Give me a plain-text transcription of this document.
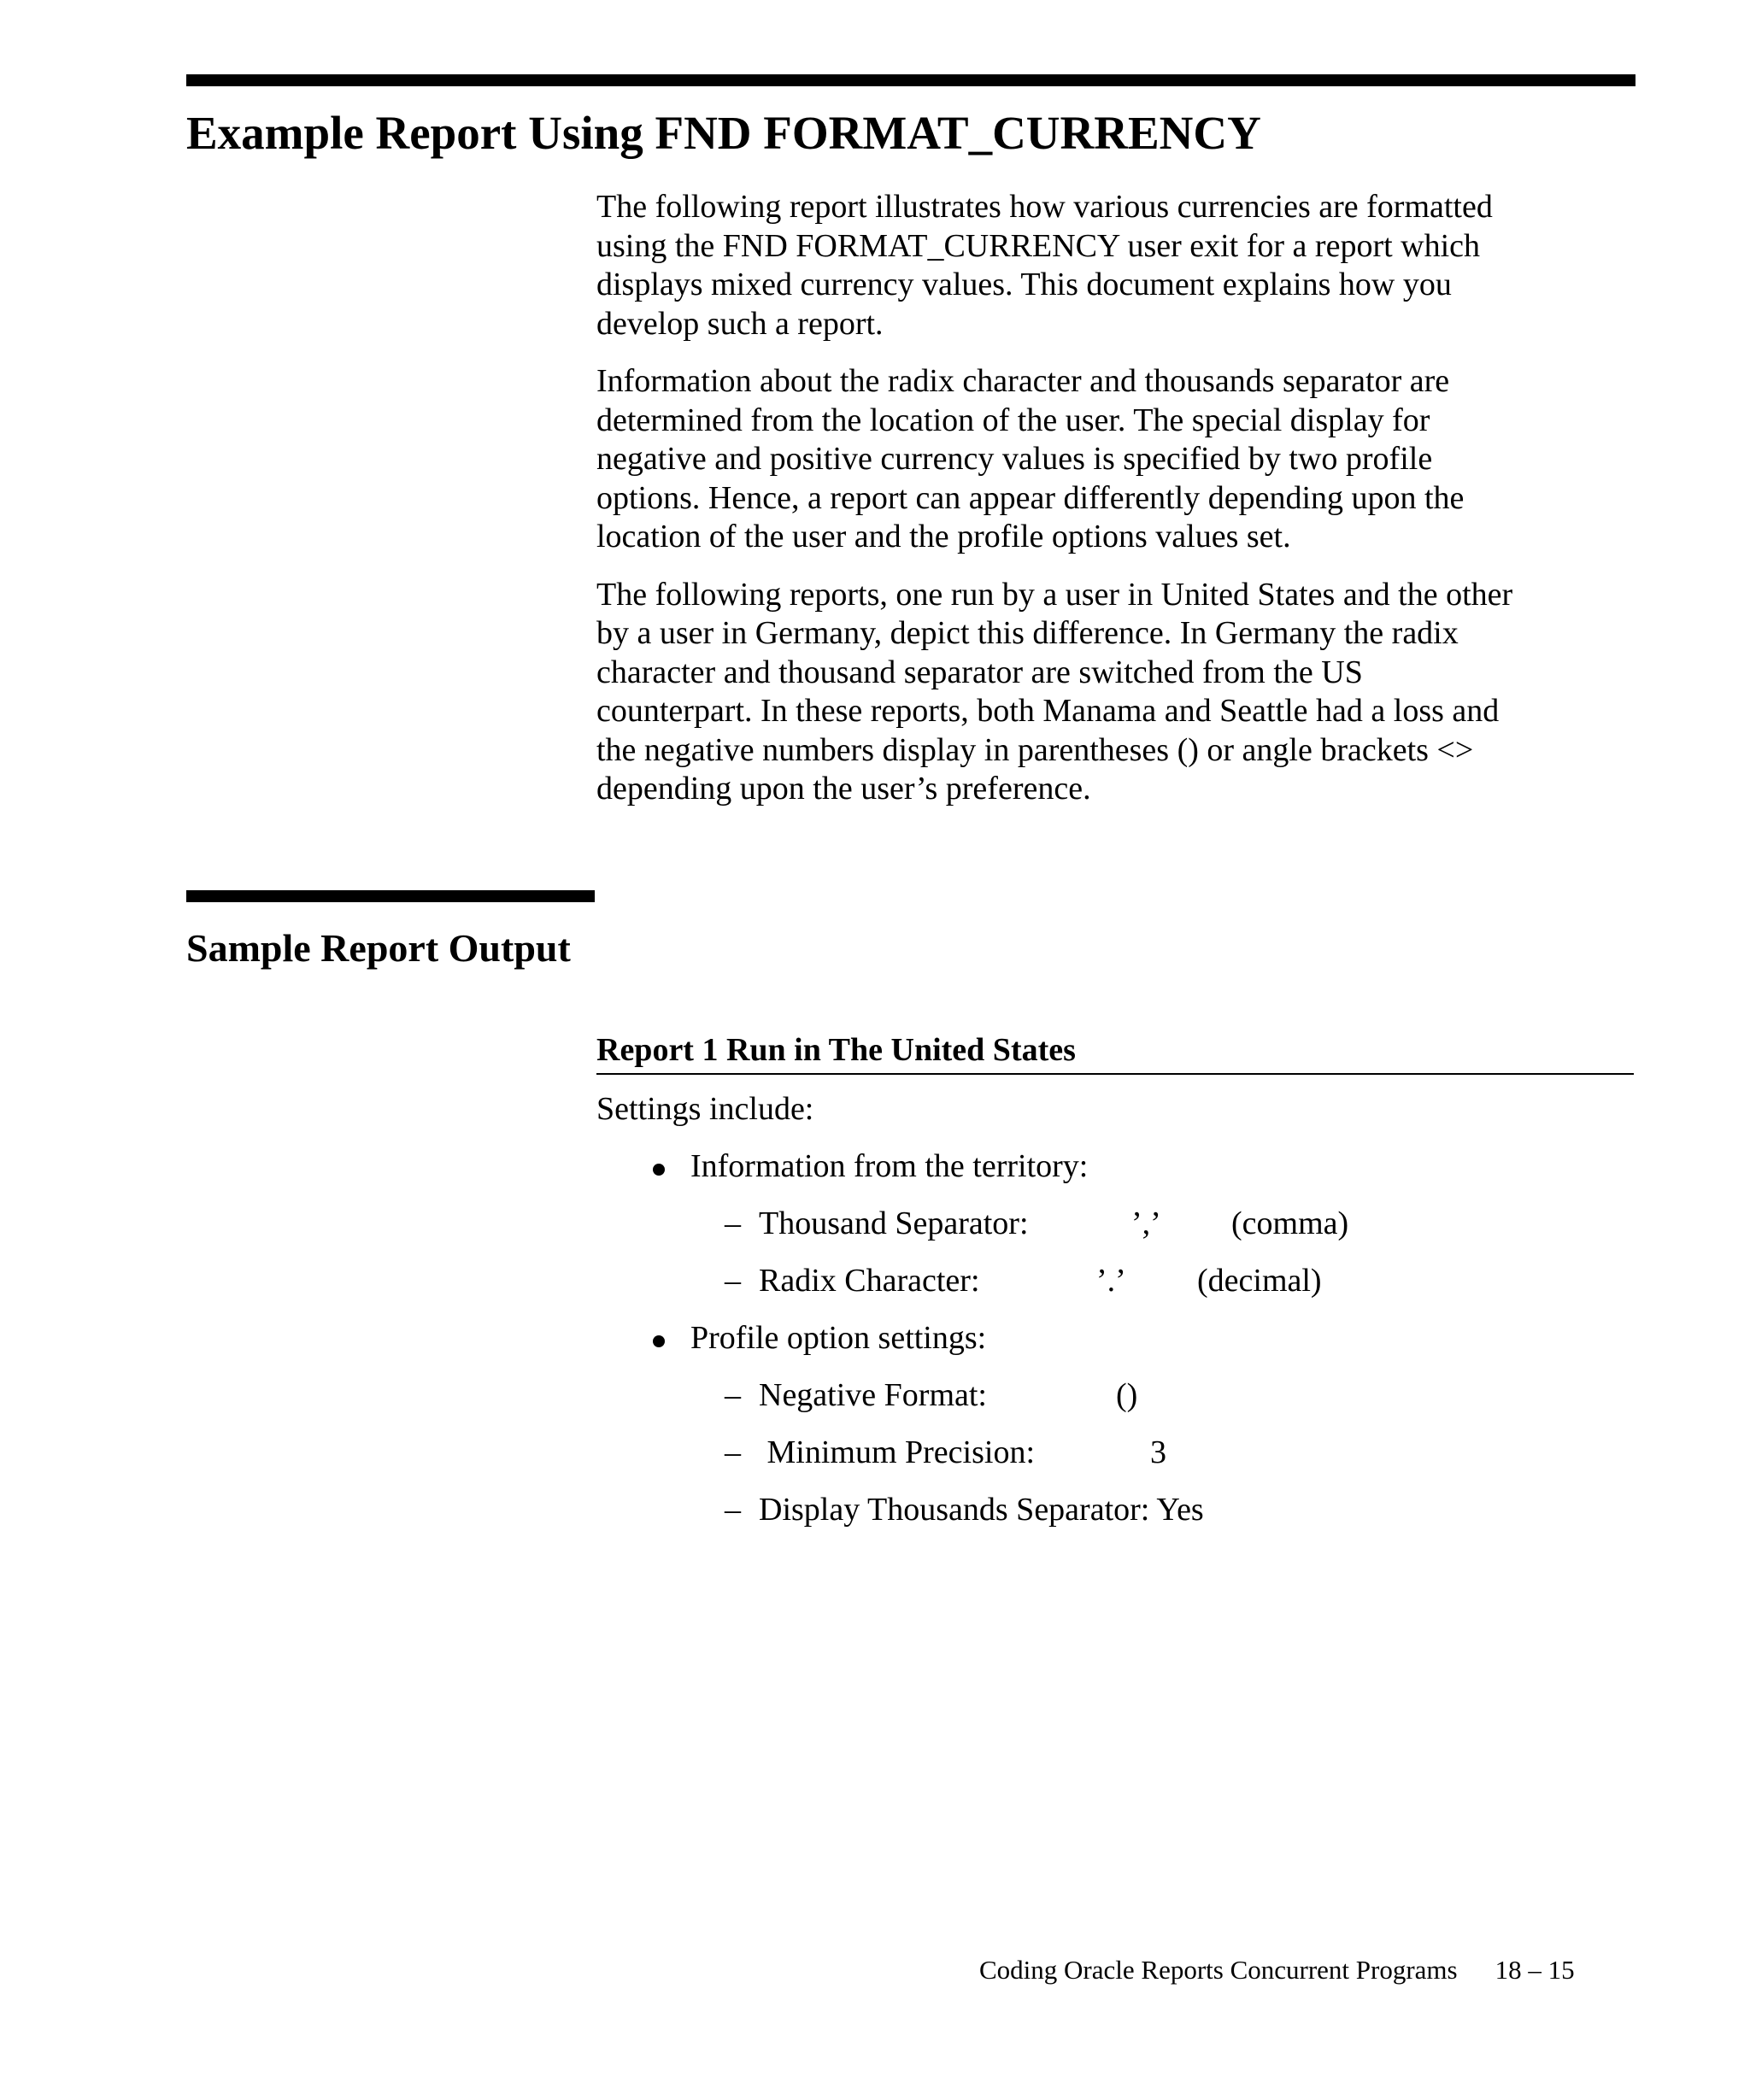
Example Report Using FND FORMAT_CURRENCY

The following report illustrates how various currencies are formatted
using the FND FORMAT_CURRENCY user exit for a report which
displays mixed currency values. This document explains how you
develop such a report.

Information about the radix character and thousands separator are
determined from the location of the user. The special display for
negative and positive currency values is specified by two profile
options. Hence, a report can appear differently depending upon the
location of the user and the profile options values set.

The following reports, one run by a user in United States and the other
by a user in Germany, depict this difference. In Germany the radix
character and thousand separator are switched from the US
counterpart. In these reports, both Manama and Seattle had a loss and
the negative numbers display in parentheses () or angle brackets <>
depending upon the user’s preference.

Sample Report Output
Report 1 Run in The United States

Settings include:

Information from the territory:
– Thousand Separator:	’,’ (comma)
– Radix Character:	’.’ (decimal)
Profile option settings:
– Negative Format:	()
– Minimum Precision:	3
– Display Thousands Separator: Yes
Coding Oracle Reports Concurrent Programs 18 – 15
